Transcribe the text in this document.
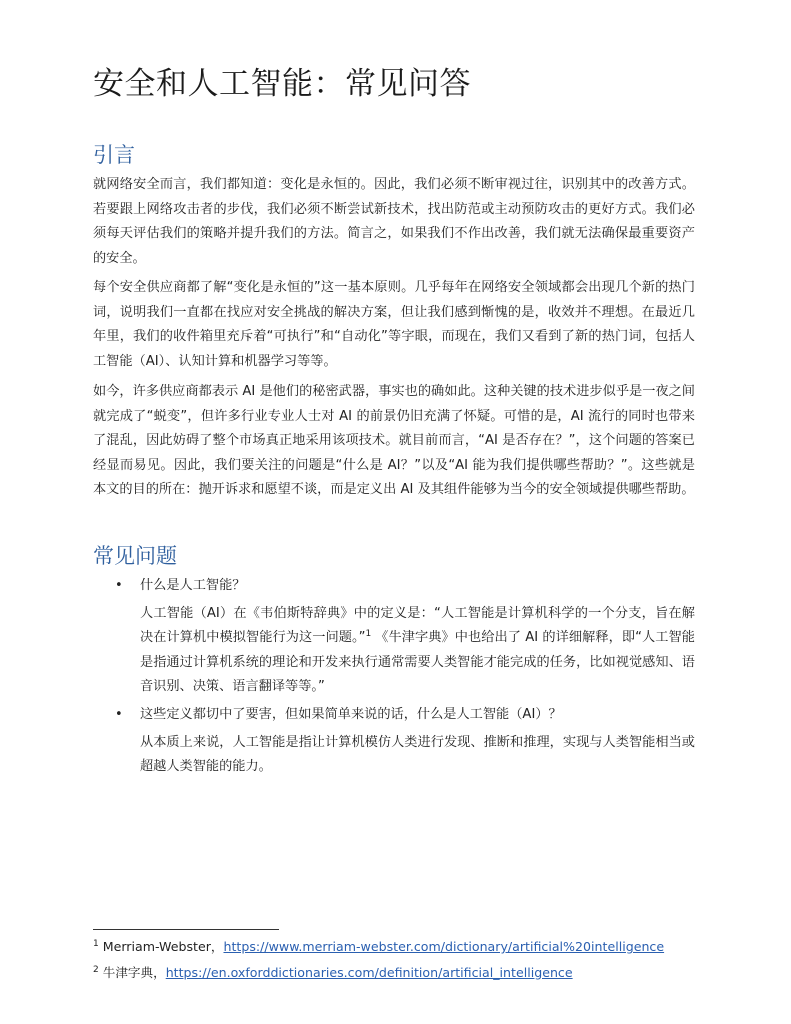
安全和人工智能：常见问答
引言

就网络安全而言，我们都知道：变化是永恒的。因此，我们必须不断审视过往，识别其中的改善方式。若要跟上网络攻击者的步伐，我们必须不断尝试新技术，找出防范或主动预防攻击的更好方式。我们必须每天评估我们的策略并提升我们的方法。简言之，如果我们不作出改善，我们就无法确保最重要资产的安全。

每个安全供应商都了解“变化是永恒的”这一基本原则。几乎每年在网络安全领域都会出现几个新的热门词，说明我们一直都在找应对安全挑战的解决方案，但让我们感到惭愧的是，收效并不理想。在最近几年里，我们的收件箱里充斥着“可执行”和“自动化”等字眼，而现在，我们又看到了新的热门词，包括人工智能（AI）、认知计算和机器学习等等。

如今，许多供应商都表示 AI 是他们的秘密武器，事实也的确如此。这种关键的技术进步似乎是一夜之间就完成了“蜕变”，但许多行业专业人士对 AI 的前景仍旧充满了怀疑。可惜的是，AI 流行的同时也带来了混乱，因此妨碍了整个市场真正地采用该项技术。就目前而言，“AI 是否存在？”，这个问题的答案已经显而易见。因此，我们要关注的问题是“什么是 AI？”以及“AI 能为我们提供哪些帮助？”。这些就是本文的目的所在：抛开诉求和愿望不谈，而是定义出 AI 及其组件能够为当今的安全领域提供哪些帮助。

常见问题
• 什么是人工智能？

人工智能（AI）在《韦伯斯特辞典》中的定义是：“人工智能是计算机科学的一个分支，旨在解决在计算机中模拟智能行为这一问题。”$^1$ 《牛津字典》中也给出了 AI 的详细解释，即“人工智能是指通过计算机系统的理论和开发来执行通常需要人类智能才能完成的任务，比如视觉感知、语音识别、决策、语言翻译等等。”

• 这些定义都切中了要害，但如果简单来说的话，什么是人工智能（AI）？

从本质上来说，人工智能是指让计算机模仿人类进行发现、推断和推理，实现与人类智能相当或超越人类智能的能力。

$^1$ Merriam-Webster，https://www.merriam-webster.com/dictionary/artificial%20intelligence

$^2$ 牛津字典，https://en.oxforddictionaries.com/definition/artificial_intelligence
